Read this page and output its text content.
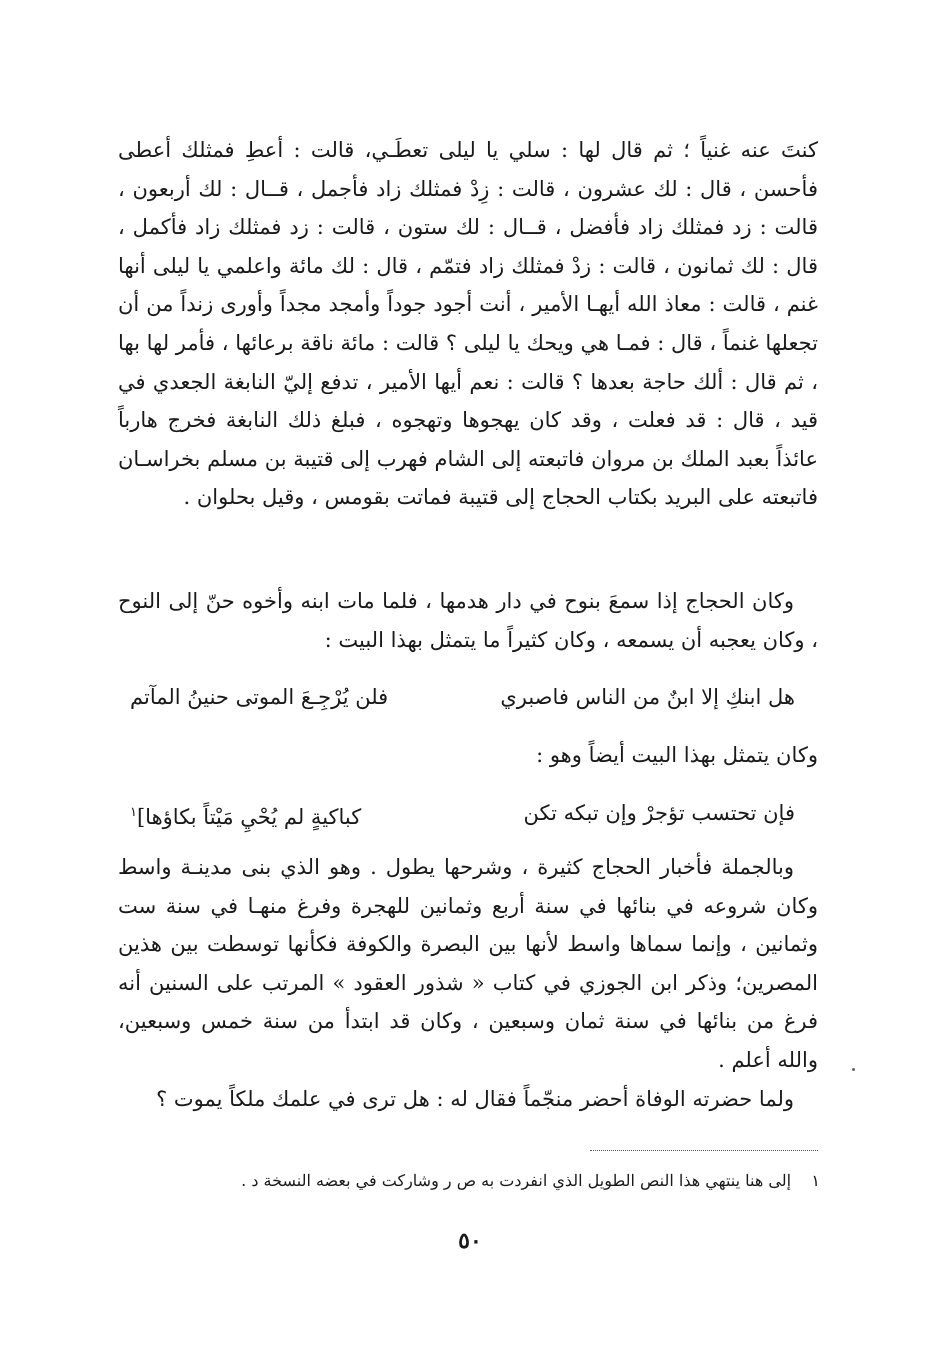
كنتَ عنه غنياً ؛ ثم قال لها : سلي يا ليلى تعطَـي، قالت : أعطِ فمثلك أعطى فأحسن ، قال : لك عشرون ، قالت : زِدْ فمثلك زاد فأجمل ، قــال : لك أربعون ، قالت : زد فمثلك زاد فأفضل ، قــال : لك ستون ، قالت : زد فمثلك زاد فأكمل ، قال : لك ثمانون ، قالت : زدْ فمثلك زاد فتمّم ، قال : لك مائة واعلمي يا ليلى أنها غنم ، قالت : معاذ الله أيهـا الأمير ، أنت أجود جوداً وأمجد مجداً وأورى زنداً من أن تجعلها غنماً ، قال : فمـا هي ويحك يا ليلى ؟ قالت : مائة ناقة برعائها ، فأمر لها بها ، ثم قال : ألك حاجة بعدها ؟ قالت : نعم أيها الأمير ، تدفع إليّ النابغة الجعدي في قيد ، قال : قد فعلت ، وقد كان يهجوها وتهجوه ، فبلغ ذلك النابغة فخرج هارباً عائذاً بعبد الملك بن مروان فاتبعته إلى الشام فهرب إلى قتيبة بن مسلم بخراسـان فاتبعته على البريد بكتاب الحجاج إلى قتيبة فماتت بقومس ، وقيل بحلوان .

وكان الحجاج إذا سمعَ بنوح في دار هدمها ، فلما مات ابنه وأخوه حنّ إلى النوح ، وكان يعجبه أن يسمعه ، وكان كثيراً ما يتمثل بهذا البيت :

هل ابنكِ إلا ابنٌ من الناس فاصبري
فلن يُرْجِـعَ الموتى حنينُ المآتم
وكان يتمثل بهذا البيت أيضاً وهو :
فإن تحتسب تؤجرْ وإن تبكه تكن
كباكيةٍ لم يُحْيِ مَيْتاً بكاؤها]$^١$

وبالجملة فأخبار الحجاج كثيرة ، وشرحها يطول . وهو الذي بنى مدينـة واسط وكان شروعه في بنائها في سنة أربع وثمانين للهجرة وفرغ منهـا في سنة ست وثمانين ، وإنما سماها واسط لأنها بين البصرة والكوفة فكأنها توسطت بين هذين المصرين؛ وذكر ابن الجوزي في كتاب « شذور العقود » المرتب على السنين أنه فرغ من بنائها في سنة ثمان وسبعين ، وكان قد ابتدأ من سنة خمس وسبعين، والله أعلم .

ولما حضرته الوفاة أحضر منجّماً فقال له : هل ترى في علمك ملكاً يموت ؟

١    إلى هنا ينتهي هذا النص الطويل الذي انفردت به ص ر وشاركت في بعضه النسخة د .
٥٠
